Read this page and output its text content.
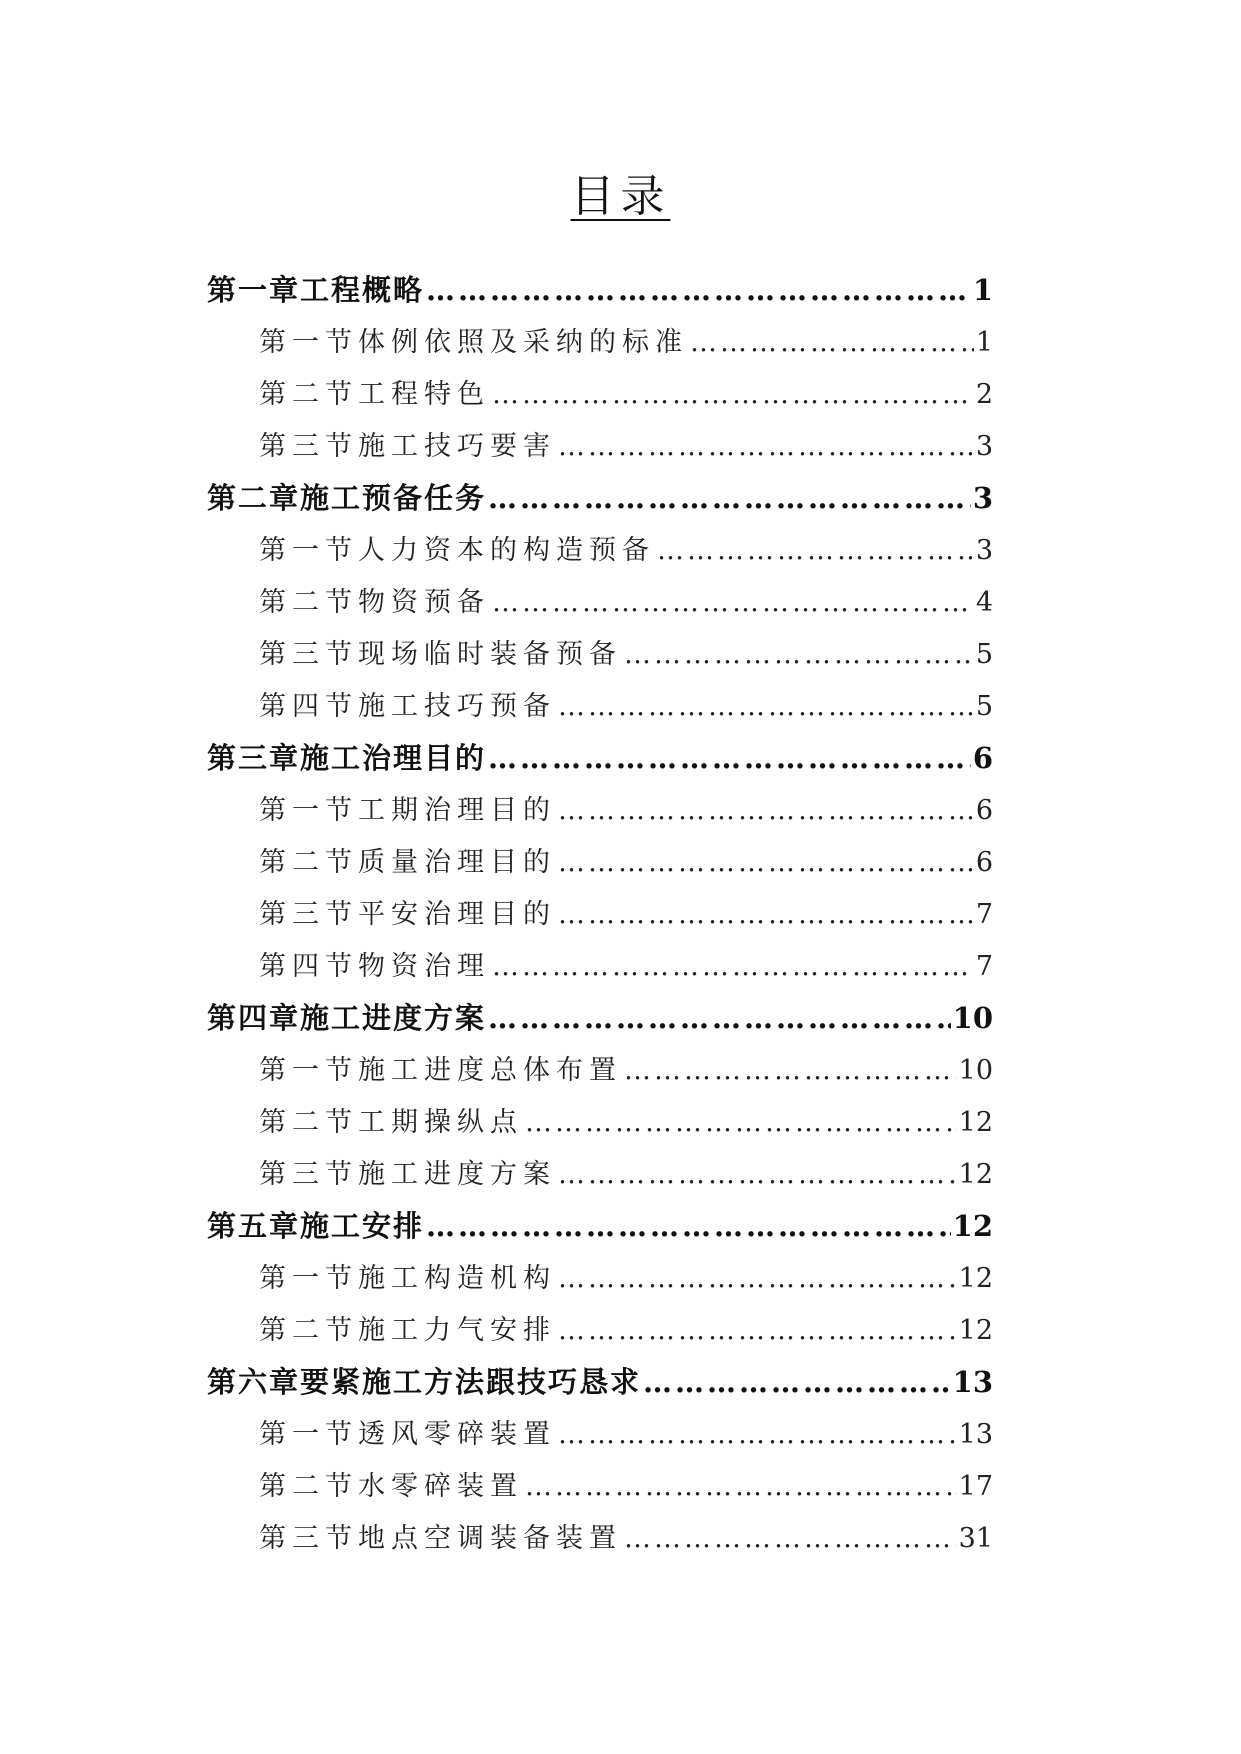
目录
第一章工程概略 ………………………………………………………………………………………………………………………………	1
第一节体例依照及采纳的标准 ………………………………………………………………………………………………………………………………	1
第二节工程特色 ………………………………………………………………………………………………………………………………	2
第三节施工技巧要害 ………………………………………………………………………………………………………………………………	3
第二章施工预备任务 ………………………………………………………………………………………………………………………………	3
第一节人力资本的构造预备 ………………………………………………………………………………………………………………………………	3
第二节物资预备 ………………………………………………………………………………………………………………………………	4
第三节现场临时装备预备 ………………………………………………………………………………………………………………………………	5
第四节施工技巧预备 ………………………………………………………………………………………………………………………………	5
第三章施工治理目的 ………………………………………………………………………………………………………………………………	6
第一节工期治理目的 ………………………………………………………………………………………………………………………………	6
第二节质量治理目的 ………………………………………………………………………………………………………………………………	6
第三节平安治理目的 ………………………………………………………………………………………………………………………………	7
第四节物资治理 ………………………………………………………………………………………………………………………………	7
第四章施工进度方案 ………………………………………………………………………………………………………………………………	10
第一节施工进度总体布置 ………………………………………………………………………………………………………………………………	10
第二节工期操纵点 ………………………………………………………………………………………………………………………………	12
第三节施工进度方案 ………………………………………………………………………………………………………………………………	12
第五章施工安排 ………………………………………………………………………………………………………………………………	12
第一节施工构造机构 ………………………………………………………………………………………………………………………………	12
第二节施工力气安排 ………………………………………………………………………………………………………………………………	12
第六章要紧施工方法跟技巧恳求 ………………………………………………………………………………………………………………………………	13
第一节透风零碎装置 ………………………………………………………………………………………………………………………………	13
第二节水零碎装置 ………………………………………………………………………………………………………………………………	17
第三节地点空调装备装置 ………………………………………………………………………………………………………………………………	31
